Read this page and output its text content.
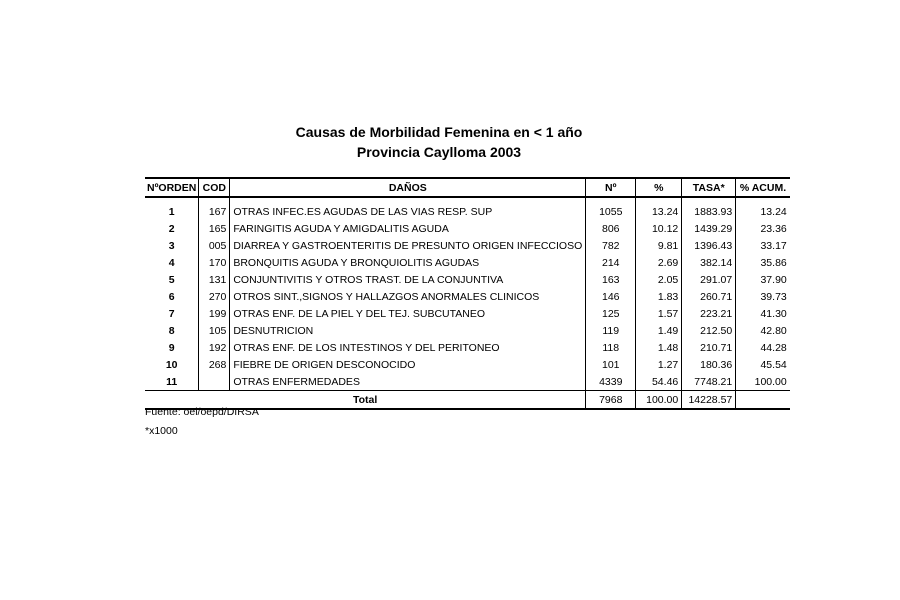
Causas de Morbilidad Femenina en < 1 año
Provincia Caylloma 2003
NºORDEN	COD	DAÑOS	Nº	%	TASA*	% ACUM.
1	167	OTRAS INFEC.ES AGUDAS DE LAS VIAS RESP. SUP	1055	13.24	1883.93	13.24
2	165	FARINGITIS AGUDA Y AMIGDALITIS AGUDA	806	10.12	1439.29	23.36
3	005	DIARREA Y GASTROENTERITIS DE PRESUNTO ORIGEN INFECCIOSO	782	9.81	1396.43	33.17
4	170	BRONQUITIS AGUDA Y BRONQUIOLITIS AGUDAS	214	2.69	382.14	35.86
5	131	CONJUNTIVITIS Y OTROS TRAST. DE LA CONJUNTIVA	163	2.05	291.07	37.90
6	270	OTROS SINT.,SIGNOS Y HALLAZGOS ANORMALES CLINICOS	146	1.83	260.71	39.73
7	199	OTRAS ENF. DE LA PIEL Y DEL TEJ. SUBCUTANEO	125	1.57	223.21	41.30
8	105	DESNUTRICION	119	1.49	212.50	42.80
9	192	OTRAS ENF. DE LOS INTESTINOS Y DEL PERITONEO	118	1.48	210.71	44.28
10	268	FIEBRE DE ORIGEN DESCONOCIDO	101	1.27	180.36	45.54
11		OTRAS ENFERMEDADES	4339	54.46	7748.21	100.00
Total			7968	100.00	14228.57	
Fuente: oei/oepd/DIRSA
*x1000
